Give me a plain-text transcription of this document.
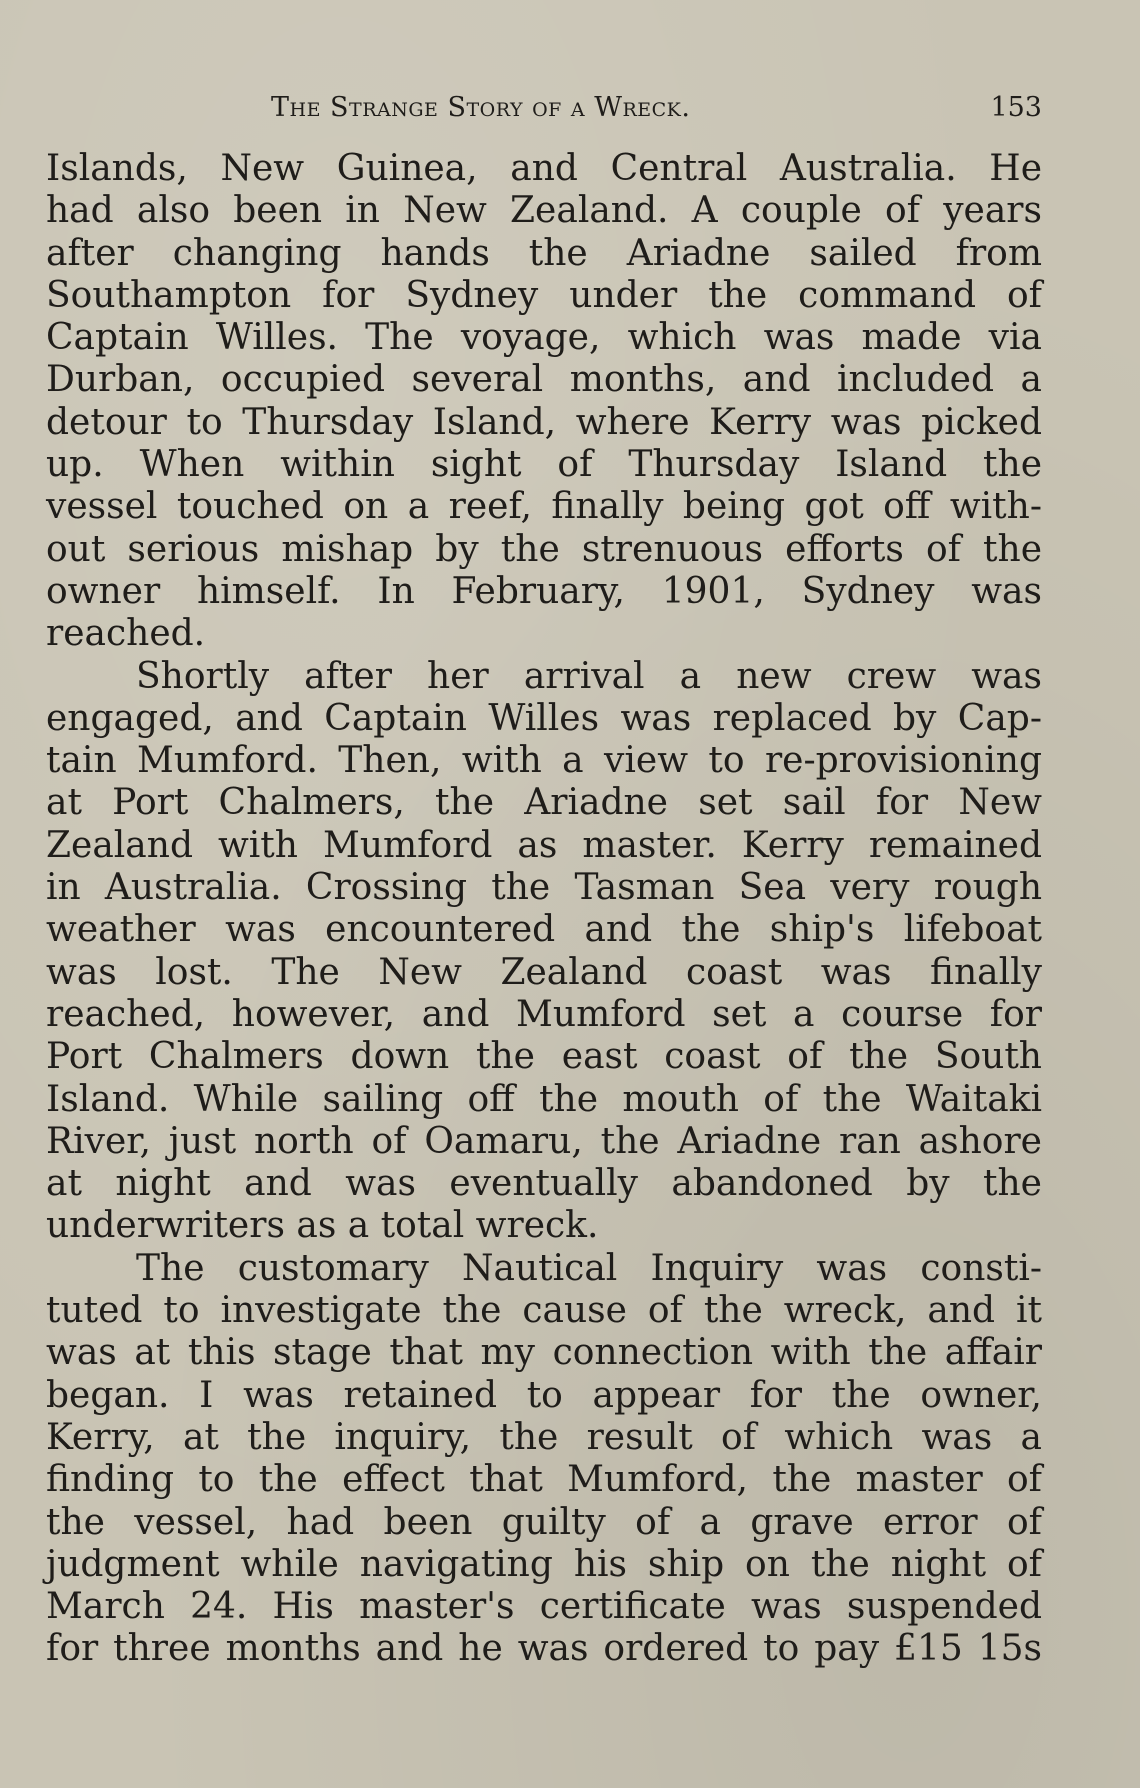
The Strange Story of a Wreck.	153
Islands, New Guinea, and Central Australia. He
had also been in New Zealand. A couple of years
after changing hands the Ariadne sailed from
Southampton for Sydney under the command of
Captain Willes. The voyage, which was made via
Durban, occupied several months, and included a
detour to Thursday Island, where Kerry was picked
up. When within sight of Thursday Island the
vessel touched on a reef, finally being got off with-
out serious mishap by the strenuous efforts of the
owner himself. In February, 1901, Sydney was
reached.
Shortly after her arrival a new crew was
engaged, and Captain Willes was replaced by Cap-
tain Mumford. Then, with a view to re-provisioning
at Port Chalmers, the Ariadne set sail for New
Zealand with Mumford as master. Kerry remained
in Australia. Crossing the Tasman Sea very rough
weather was encountered and the ship's lifeboat
was lost. The New Zealand coast was finally
reached, however, and Mumford set a course for
Port Chalmers down the east coast of the South
Island. While sailing off the mouth of the Waitaki
River, just north of Oamaru, the Ariadne ran ashore
at night and was eventually abandoned by the
underwriters as a total wreck.
The customary Nautical Inquiry was consti-
tuted to investigate the cause of the wreck, and it
was at this stage that my connection with the affair
began. I was retained to appear for the owner,
Kerry, at the inquiry, the result of which was a
finding to the effect that Mumford, the master of
the vessel, had been guilty of a grave error of
judgment while navigating his ship on the night of
March 24. His master's certificate was suspended
for three months and he was ordered to pay £15 15s
